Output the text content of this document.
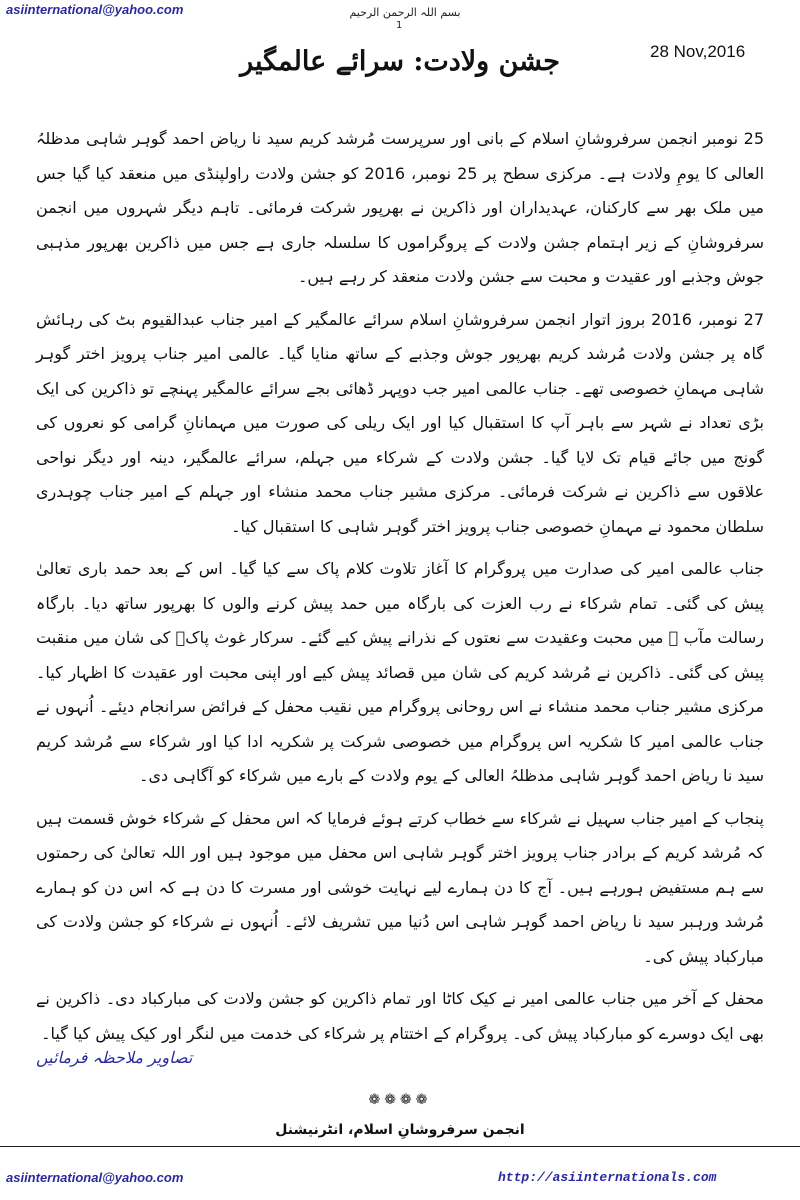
asiinternational@yahoo.com	بسم اللہ الرحمن الرحیم
1
28 Nov,2016
جشن ولادت: سرائے عالمگیر

25 نومبر انجمن سرفروشانِ اسلام کے بانی اور سرپرست مُرشد کریم سید نا ریاض احمد گوہر شاہی مدظلہُ العالی کا یومِ ولادت ہے۔ مرکزی سطح پر 25 نومبر، 2016 کو جشن ولادت راولپنڈی میں منعقد کیا گیا جس میں ملک بھر سے کارکنان، عہدیداران اور ذاکرین نے بھرپور شرکت فرمائی۔ تاہم دیگر شہروں میں انجمن سرفروشانِ کے زیر اہتمام جشن ولادت کے پروگراموں کا سلسلہ جاری ہے جس میں ذاکرین بھرپور مذہبی جوش وجذبے اور عقیدت و محبت سے جشن ولادت منعقد کر رہے ہیں۔

27 نومبر، 2016 بروز اتوار انجمن سرفروشانِ اسلام سرائے عالمگیر کے امیر جناب عبدالقیوم بٹ کی رہائش گاہ پر جشن ولادت مُرشد کریم بھرپور جوش وجذبے کے ساتھ منایا گیا۔ عالمی امیر جناب پرویز اختر گوہر شاہی مہمانِ خصوصی تھے۔ جناب عالمی امیر جب دوپہر ڈھائی بجے سرائے عالمگیر پہنچے تو ذاکرین کی ایک بڑی تعداد نے شہر سے باہر آپ کا استقبال کیا اور ایک ریلی کی صورت میں مہمانانِ گرامی کو نعروں کی گونج میں جائے قیام تک لایا گیا۔ جشن ولادت کے شرکاء میں جہلم، سرائے عالمگیر، دینہ اور دیگر نواحی علاقوں سے ذاکرین نے شرکت فرمائی۔ مرکزی مشیر جناب محمد منشاء اور جہلم کے امیر جناب چوہدری سلطان محمود نے مہمانِ خصوصی جناب پرویز اختر گوہر شاہی کا استقبال کیا۔

جناب عالمی امیر کی صدارت میں پروگرام کا آغاز تلاوت کلام پاک سے کیا گیا۔ اس کے بعد حمد باری تعالیٰ پیش کی گئی۔ تمام شرکاء نے رب العزت کی بارگاہ میں حمد پیش کرنے والوں کا بھرپور ساتھ دیا۔ بارگاہ رسالت مآب ﷺ میں محبت وعقیدت سے نعتوں کے نذرانے پیش کیے گئے۔ سرکار غوث پاکؓ کی شان میں منقبت پیش کی گئی۔ ذاکرین نے مُرشد کریم کی شان میں قصائد پیش کیے اور اپنی محبت اور عقیدت کا اظہار کیا۔ مرکزی مشیر جناب محمد منشاء نے اس روحانی پروگرام میں نقیب محفل کے فرائض سرانجام دیئے۔ اُنہوں نے جناب عالمی امیر کا شکریہ اس پروگرام میں خصوصی شرکت پر شکریہ ادا کیا اور شرکاء سے مُرشد کریم سید نا ریاض احمد گوہر شاہی مدظلہُ العالی کے یوم ولادت کے بارے میں شرکاء کو آگاہی دی۔

پنجاب کے امیر جناب سہیل نے شرکاء سے خطاب کرتے ہوئے فرمایا کہ اس محفل کے شرکاء خوش قسمت ہیں کہ مُرشد کریم کے برادر جناب پرویز اختر گوہر شاہی اس محفل میں موجود ہیں اور اللہ تعالیٰ کی رحمتوں سے ہم مستفیض ہورہے ہیں۔ آج کا دن ہمارے لیے نہایت خوشی اور مسرت کا دن ہے کہ اس دن کو ہمارے مُرشد ورہبر سید نا ریاض احمد گوہر شاہی اس دُنیا میں تشریف لائے۔ اُنہوں نے شرکاء کو جشن ولادت کی مبارکباد پیش کی۔

محفل کے آخر میں جناب عالمی امیر نے کیک کاٹا اور تمام ذاکرین کو جشن ولادت کی مبارکباد دی۔ ذاکرین نے بھی ایک دوسرے کو مبارکباد پیش کی۔ پروگرام کے اختتام پر شرکاء کی خدمت میں لنگر اور کیک پیش کیا گیا۔

تصاویر ملاحظہ فرمائیں
❁❁❁❁
انجمن سرفروشانِ اسلام، انٹرنیشنل
asiinternational@yahoo.com	http://asiinternationals.com
